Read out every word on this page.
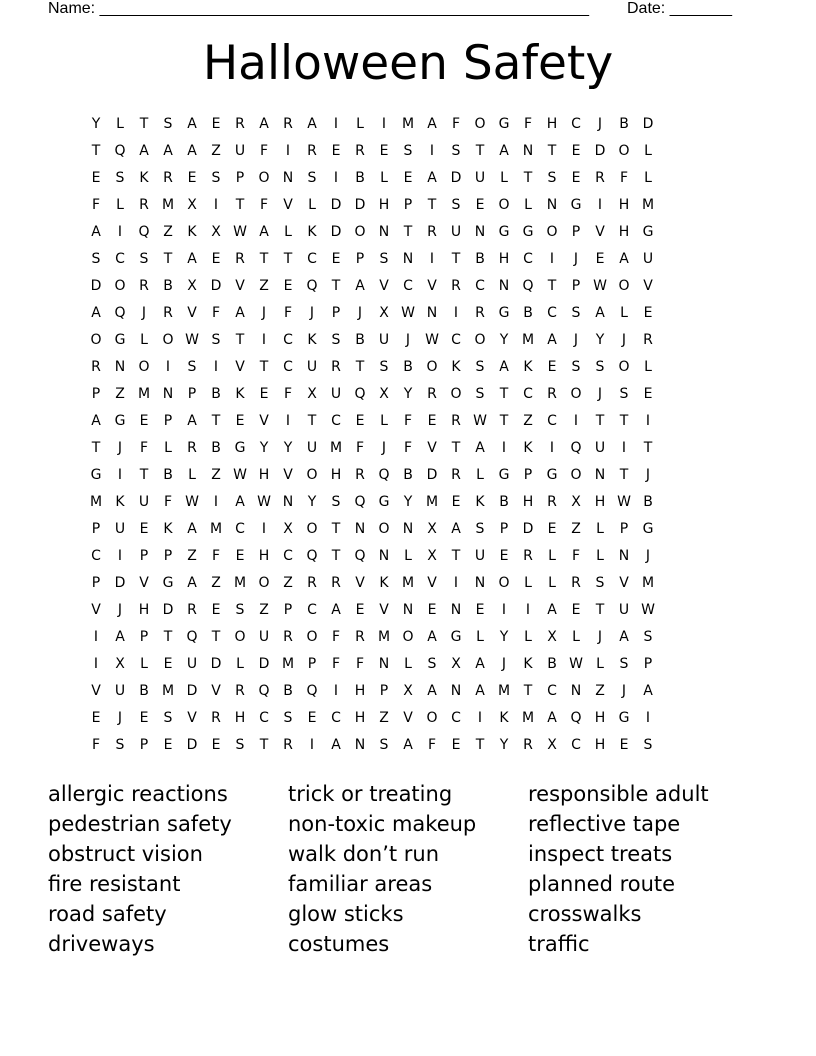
Name: _______________________________________________________ Date: _______
Halloween Safety
Y	L	T	S	A	E	R	A	R	A	I	L	I	M A	F	O G	F	H C	J	B D
T	Q A	A	A	Z	U	F	I	R	E	R	E	S	I	S	T	A N	T	E	D O	L
E	S	K	R	E	S	P	O N	S	I	B	L	E	A D U	L	T	S	E	R	F	L
F	L	R M X	I	T	F	V	L	D D H	P	T	S	E	O	L	N G	I	H M
A	I	Q Z	K	X W A	L	K	D O N	T	R	U N G G O	P	V H G
S	C	S	T	A	E	R	T	T	C	E	P	S	N	I	T	B H C	I	J	E	A	U
D O R	B	X D V	Z	E	Q	T	A	V	C	V	R	C N Q	T	P W O V
A Q	J	R	V	F	A	J	F	J	P	J	X W N	I	R G B	C	S	A	L	E
O G	L	O W S	T	I	C	K	S	B	U	J	W C O	Y M A	J	Y	J	R
R N O	I	S	I	V	T	C U	R	T	S	B O K	S	A	K	E	S	S	O	L
P	Z M N	P	B	K	E	F	X	U Q X	Y	R O	S	T	C	R O	J	S	E
A G	E	P	A	T	E	V	I	T	C	E	L	F	E	R W T	Z	C	I	T	T	I
T	J	F	L	R	B G	Y	Y	U M F	J	F	V	T	A	I	K	I	Q U	I	T
G	I	T	B	L	Z W H V O H R Q B D R	L	G	P	G O N	T	J
M K	U	F W	I	A W N	Y	S	Q G	Y M E	K	B H R	X H W B
P	U	E	K	A M C	I	X O	T	N O N X	A	S	P	D	E	Z	L	P	G
C	I	P	P	Z	F	E	H C Q	T	Q N	L	X	T	U	E	R	L	F	L	N	J
P	D V G A	Z M O Z	R	R	V	K M V	I	N O	L	L	R	S	V M
V	J	H D R	E	S	Z	P	C	A	E	V N	E	N	E	I	I	A	E	T	U W
I	A	P	T	Q	T	O U	R O	F	R M O A G	L	Y	L	X	L	J	A	S
I	X	L	E	U D	L	D M P	F	F	N	L	S	X	A	J	K	B W L	S	P
V	U	B M D V	R Q B Q	I	H	P	X	A N A M T	C N Z	J	A
E	J	E	S	V	R H C	S	E	C H Z	V O C	I	K M A Q H G	I
F	S	P	E	D	E	S	T	R	I	A N	S	A	F	E	T	Y	R	X	C H	E	S
allergic reactions	trick or treating	responsible adult
pedestrian safety	non-toxic makeup	reflective tape
obstruct vision	walk don’t run	inspect treats
fire resistant	familiar areas	planned route
road safety	glow sticks	crosswalks
driveways	costumes	traffic
